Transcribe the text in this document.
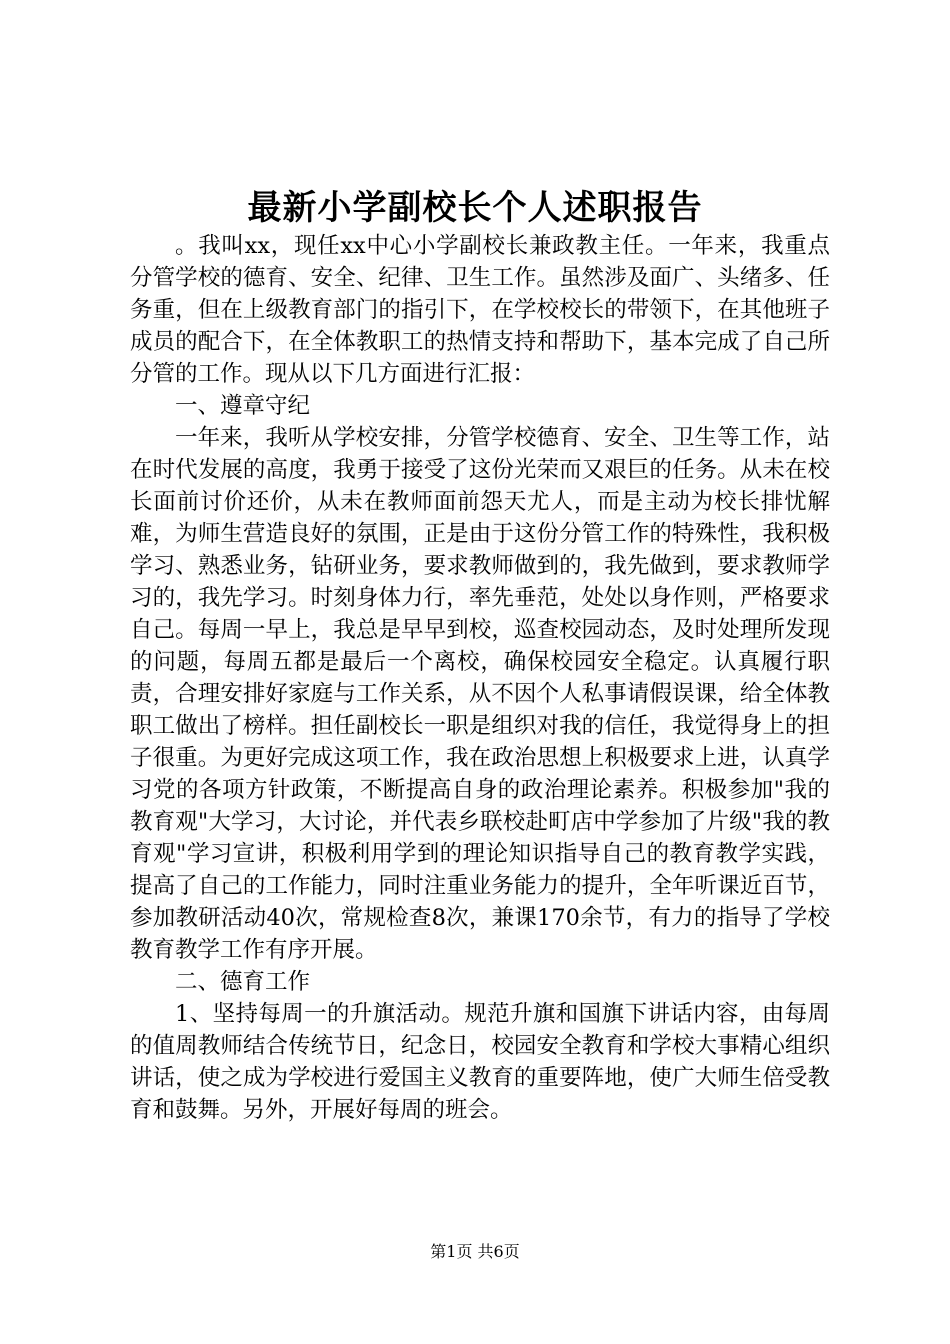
最新小学副校长个人述职报告

。我叫xx，现任xx中心小学副校长兼政教主任。一年来，我重点分管学校的德育、安全、纪律、卫生工作。虽然涉及面广、头绪多、任务重，但在上级教育部门的指引下，在学校校长的带领下，在其他班子成员的配合下，在全体教职工的热情支持和帮助下，基本完成了自己所分管的工作。现从以下几方面进行汇报：

一、遵章守纪

一年来，我听从学校安排，分管学校德育、安全、卫生等工作，站在时代发展的高度，我勇于接受了这份光荣而又艰巨的任务。从未在校长面前讨价还价，从未在教师面前怨天尤人，而是主动为校长排忧解难，为师生营造良好的氛围，正是由于这份分管工作的特殊性，我积极学习、熟悉业务，钻研业务，要求教师做到的，我先做到，要求教师学习的，我先学习。时刻身体力行，率先垂范，处处以身作则，严格要求自己。每周一早上，我总是早早到校，巡查校园动态，及时处理所发现的问题，每周五都是最后一个离校，确保校园安全稳定。认真履行职责，合理安排好家庭与工作关系，从不因个人私事请假误课，给全体教职工做出了榜样。担任副校长一职是组织对我的信任，我觉得身上的担子很重。为更好完成这项工作，我在政治思想上积极要求上进，认真学习党的各项方针政策，不断提高自身的政治理论素养。积极参加"我的教育观"大学习，大讨论，并代表乡联校赴町店中学参加了片级"我的教育观"学习宣讲，积极利用学到的理论知识指导自己的教育教学实践，提高了自己的工作能力，同时注重业务能力的提升，全年听课近百节，参加教研活动40次，常规检查8次，兼课170余节，有力的指导了学校教育教学工作有序开展。

二、德育工作

1、坚持每周一的升旗活动。规范升旗和国旗下讲话内容，由每周的值周教师结合传统节日，纪念日，校园安全教育和学校大事精心组织讲话，使之成为学校进行爱国主义教育的重要阵地，使广大师生倍受教育和鼓舞。另外，开展好每周的班会。

第1页 共6页
